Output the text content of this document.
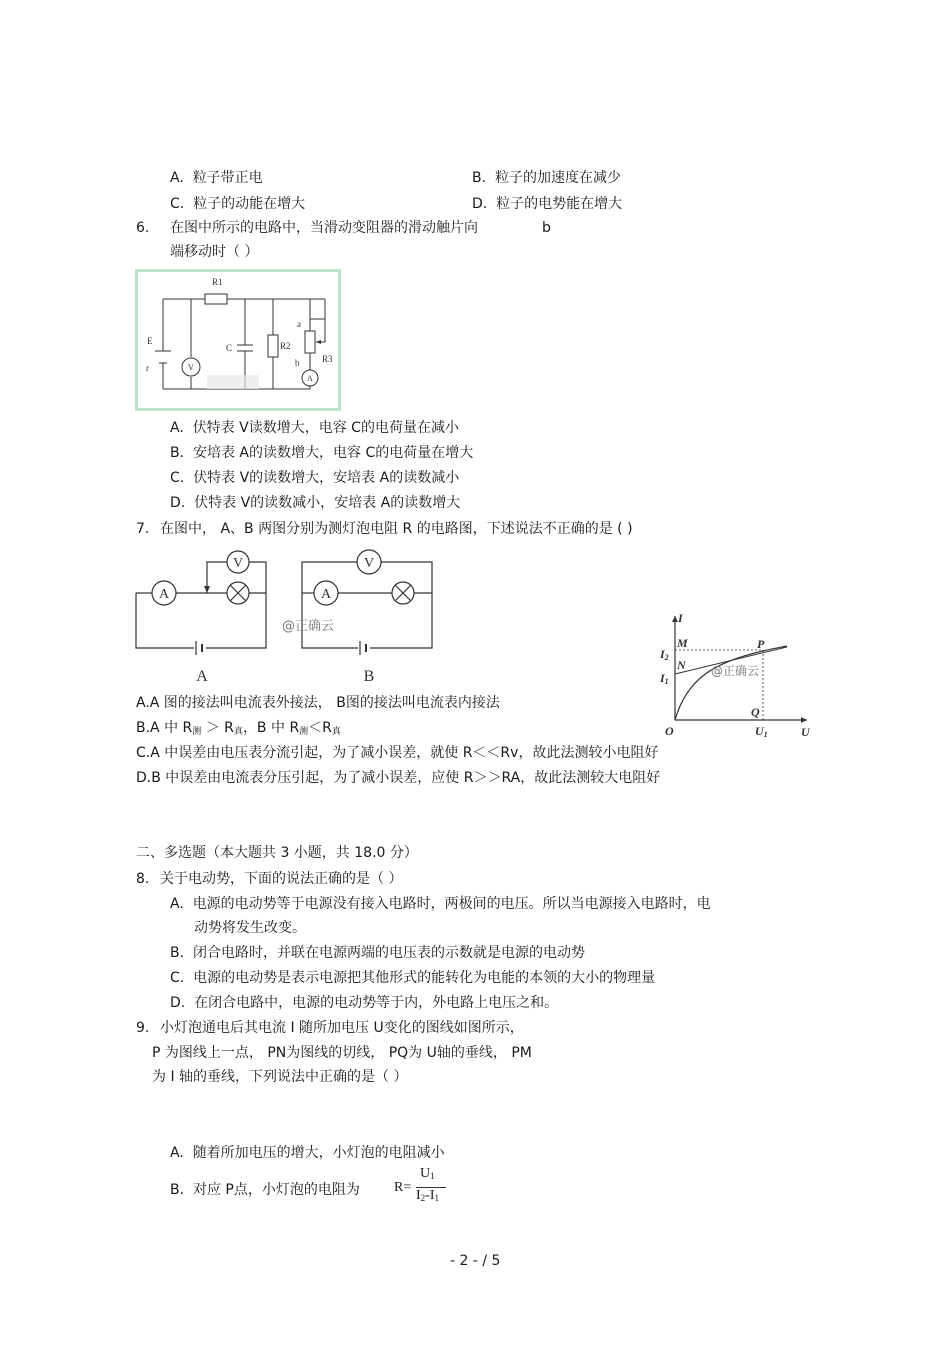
A. 粒子带正电	B. 粒子的加速度在减少
C. 粒子的动能在增大	D. 粒子的电势能在增大
6. 在图中所示的电路中，当滑动变阻器的滑动触片向	b
端移动时（ ）
R1
E
r	V
C	R2
a
b	R3
A
A. 伏特表 V读数增大，电容 C的电荷量在减小
B. 安培表 A的读数增大，电容 C的电荷量在增大
C. 伏特表 V的读数增大，安培表 A的读数减小
D. 伏特表 V的读数减小，安培表 A的读数增大
7. 在图中， A、B 两图分别为测灯泡电阻 R 的电路图，下述说法不正确的是 ( )
A
V
A
V
A	B
@正确云
I
U
O
M
N
P
Q
I2
I1
U1
@正确云
A.A 图的接法叫电流表外接法， B图的接法叫电流表内接法
B.A 中 $R_测 > R_真$，B 中 $R_测<R_真$
C.A 中误差由电压表分流引起，为了减小误差，就使 R＜＜Rv，故此法测较小电阻好
D.B 中误差由电流表分压引起，为了减小误差，应使 R＞＞RA，故此法测较大电阻好
二、多选题（本大题共 3 小题，共 18.0 分）
8. 关于电动势，下面的说法正确的是（ ）
A. 电源的电动势等于电源没有接入电路时，两极间的电压。所以当电源接入电路时，电
动势将发生改变。
B. 闭合电路时，并联在电源两端的电压表的示数就是电源的电动势
C. 电源的电动势是表示电源把其他形式的能转化为电能的本领的大小的物理量
D. 在闭合电路中，电源的电动势等于内，外电路上电压之和。
9. 小灯泡通电后其电流 I 随所加电压 U变化的图线如图所示，
P 为图线上一点， PN为图线的切线， PQ为 U轴的垂线， PM
为 I 轴的垂线，下列说法中正确的是（ ）
A. 随着所加电压的增大，小灯泡的电阻减小
B. 对应 P点，小灯泡的电阻为 R=
$U_1$
$I_2-I_1$
- 2 - / 5
